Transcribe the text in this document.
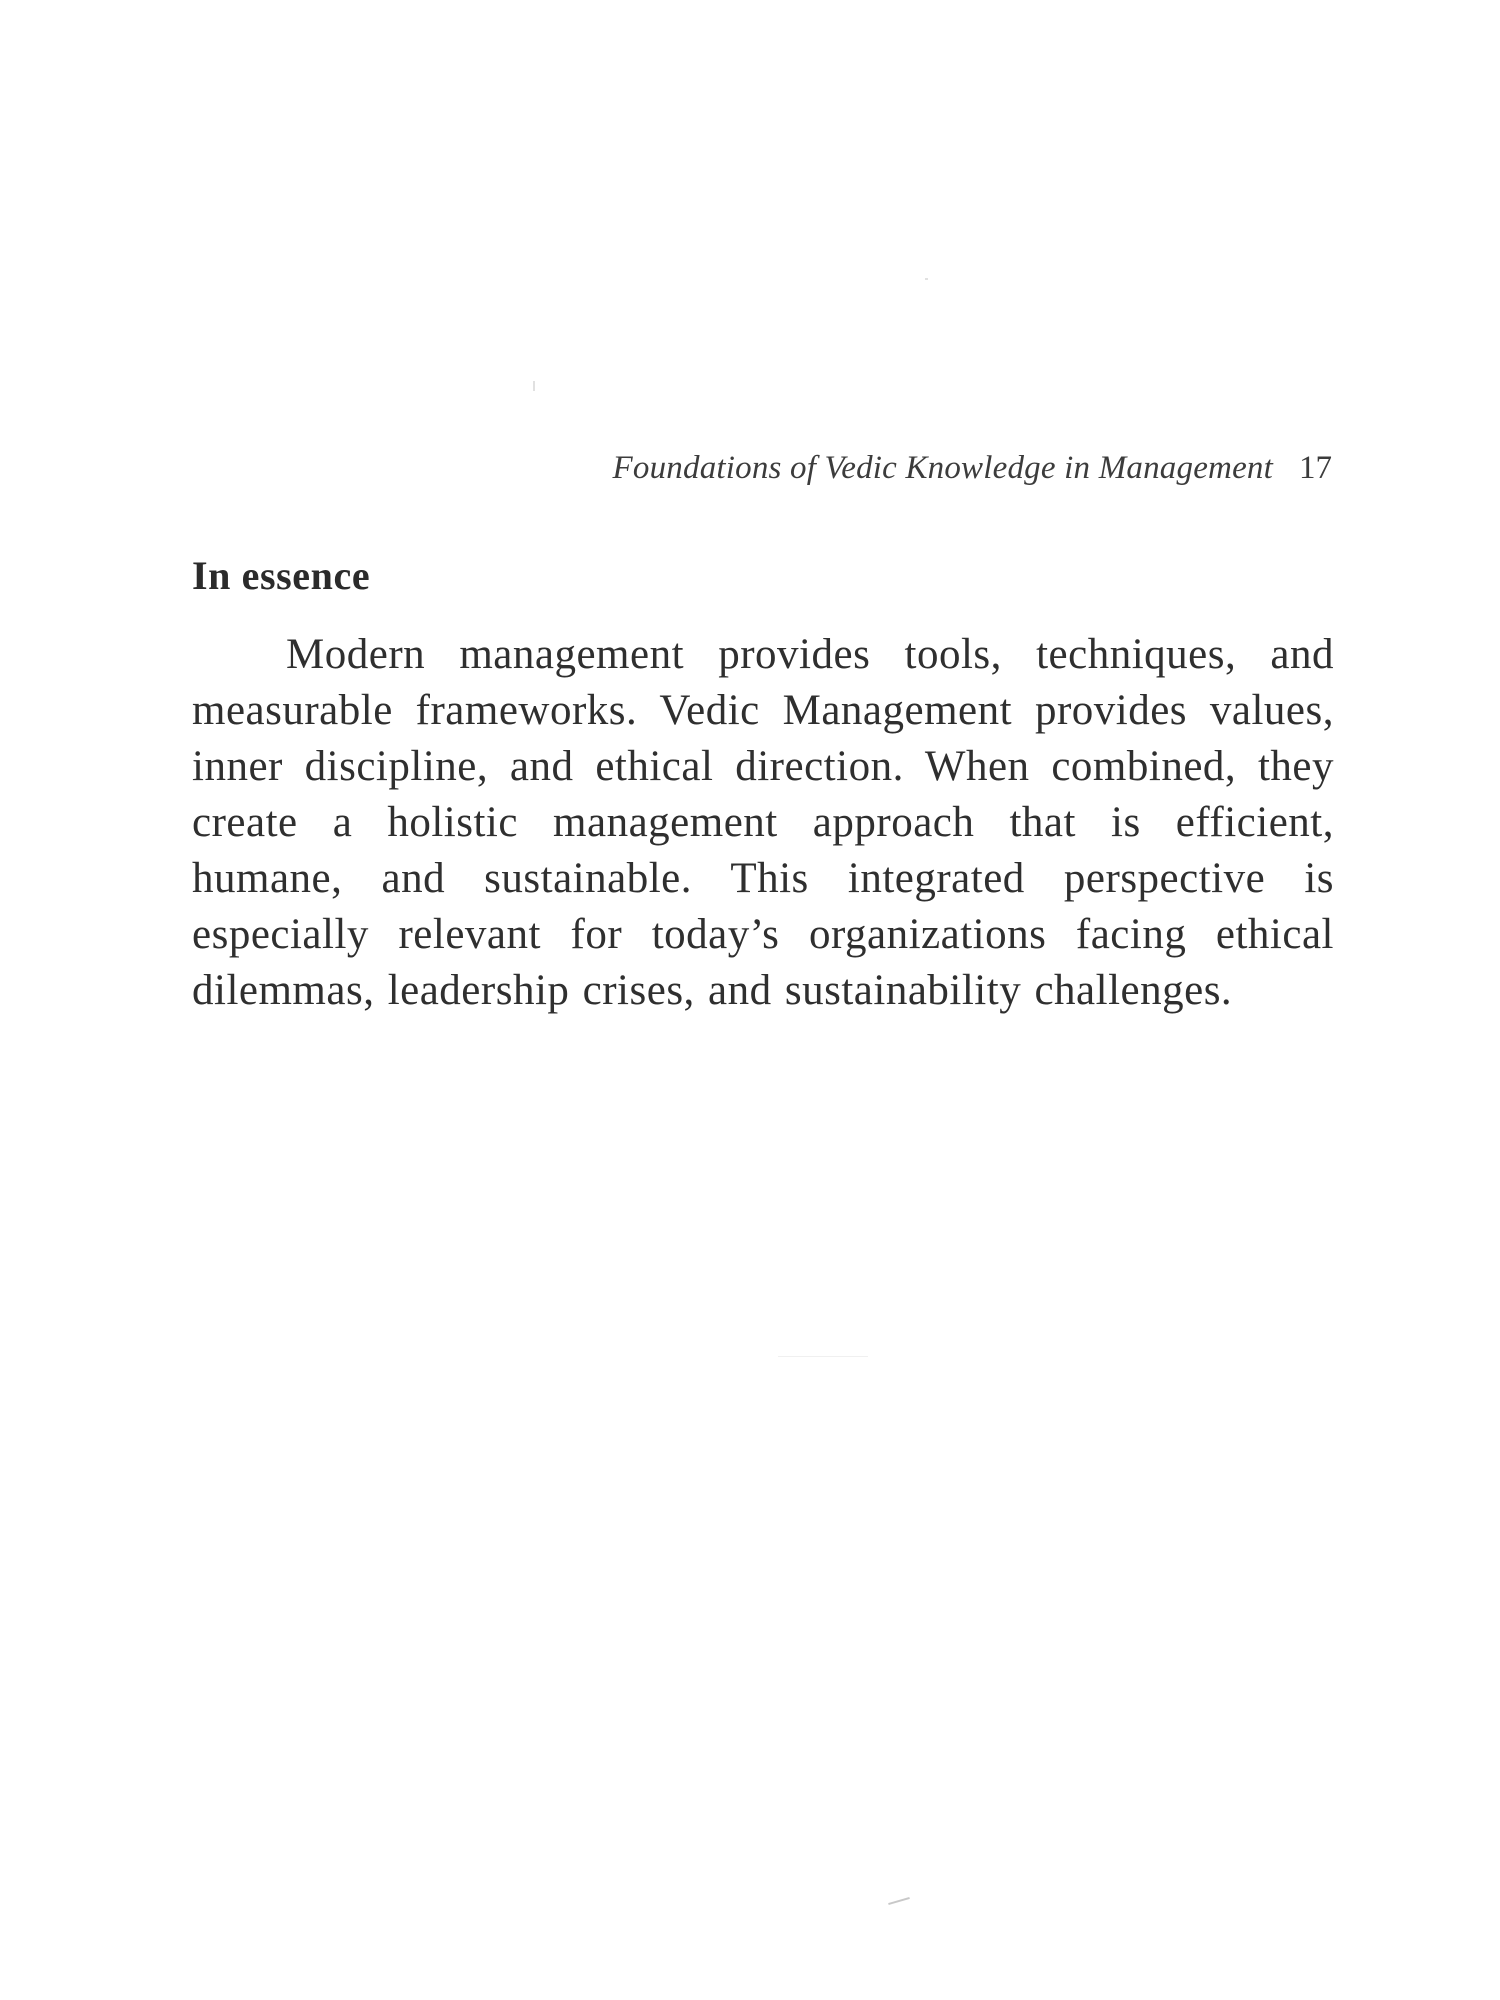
Foundations of Vedic Knowledge in Management 17
In essence

Modern management provides tools, techniques, and measurable frameworks. Vedic Management provides values, inner discipline, and ethical direction. When combined, they create a holistic management approach that is efficient, humane, and sustainable. This integrated perspective is especially relevant for today’s organizations facing ethical dilemmas, leadership crises, and sustainability challenges.
